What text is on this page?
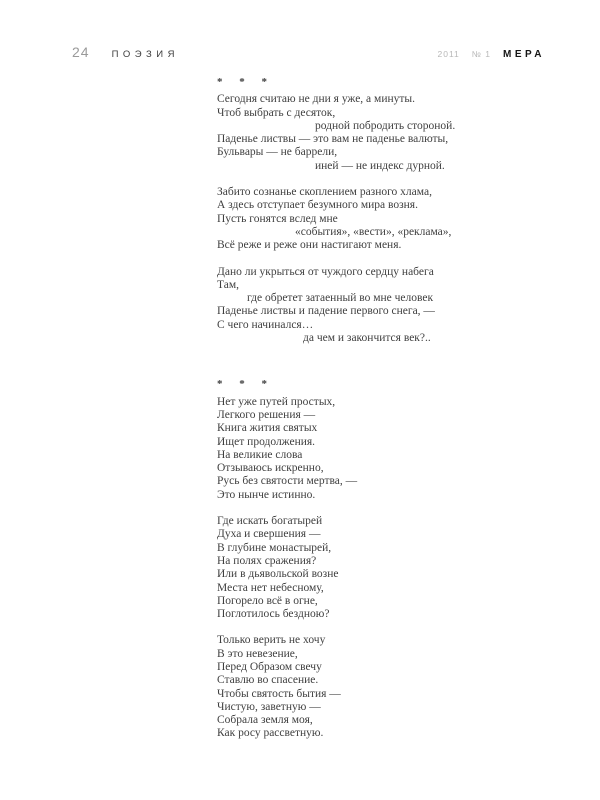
24 ПОЭЗИЯ	2011 № 1 МЕРА
* * *
Сегодня считаю не дни я уже, а минуты.
Чтоб выбрать с десяток,
родной побродить стороной.
Паденье листвы — это вам не паденье валюты,
Бульвары — не баррели,
иней — не индекс дурной.
Забито сознанье скоплением разного хлама,
А здесь отступает безумного мира возня.
Пусть гонятся вслед мне
«события», «вести», «реклама»,
Всё реже и реже они настигают меня.
Дано ли укрыться от чуждого сердцу набега
Там,
где обретет затаенный во мне человек
Паденье листвы и падение первого снега, —
С чего начинался…
да чем и закончится век?..
* * *
Нет уже путей простых,
Легкого решения —
Книга жития святых
Ищет продолжения.
На великие слова
Отзываюсь искренно,
Русь без святости мертва, —
Это нынче истинно.
Где искать богатырей
Духа и свершения —
В глубине монастырей,
На полях сражения?
Или в дьявольской возне
Места нет небесному,
Погорело всё в огне,
Поглотилось бездною?
Только верить не хочу
В это невезение,
Перед Образом свечу
Ставлю во спасение.
Чтобы святость бытия —
Чистую, заветную —
Собрала земля моя,
Как росу рассветную.
